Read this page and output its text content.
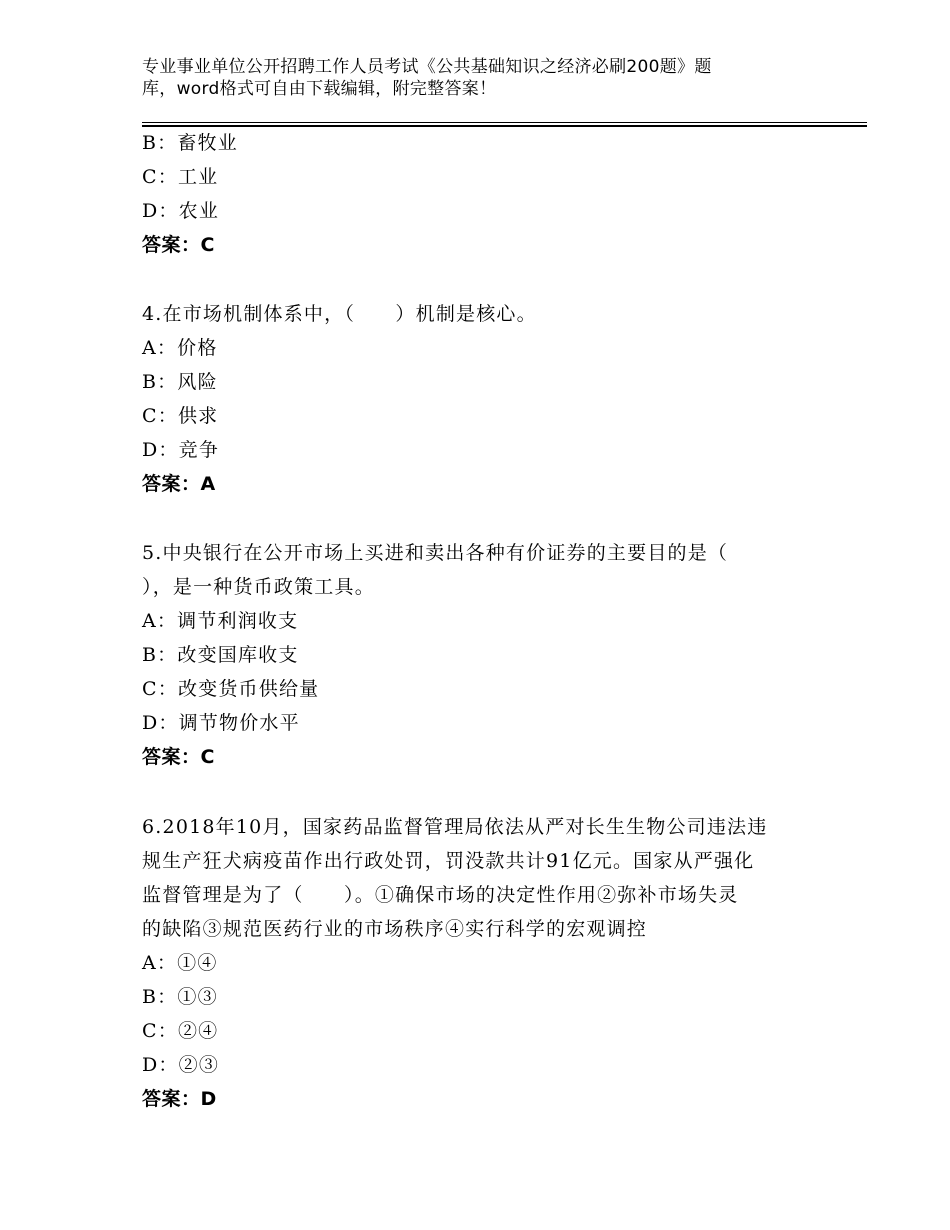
专业事业单位公开招聘工作人员考试《公共基础知识之经济必刷200题》题
库，word格式可自由下载编辑，附完整答案！
B：畜牧业
C：工业
D：农业
答案：C
4.在市场机制体系中，（　　）机制是核心。
A：价格
B：风险
C：供求
D：竞争
答案：A
5.中央银行在公开市场上买进和卖出各种有价证券的主要目的是（
），是一种货币政策工具。
A：调节利润收支
B：改变国库收支
C：改变货币供给量
D：调节物价水平
答案：C
6.2018年10月，国家药品监督管理局依法从严对长生生物公司违法违
规生产狂犬病疫苗作出行政处罚，罚没款共计91亿元。国家从严强化
监督管理是为了（　　）。①确保市场的决定性作用②弥补市场失灵
的缺陷③规范医药行业的市场秩序④实行科学的宏观调控
A：①④
B：①③
C：②④
D：②③
答案：D
